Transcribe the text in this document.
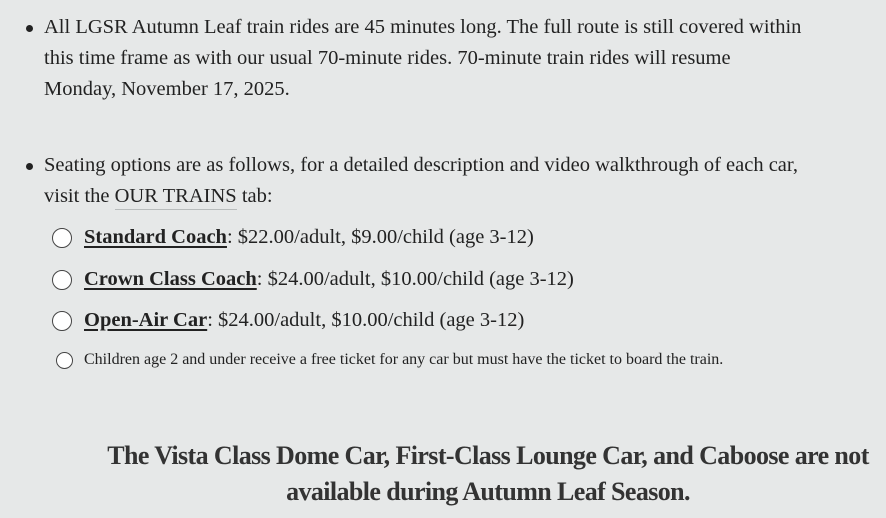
All LGSR Autumn Leaf train rides are 45 minutes long. The full route is still covered within
this time frame as with our usual 70-minute rides. 70-minute train rides will resume
Monday, November 17, 2025.
Seating options are as follows, for a detailed description and video walkthrough of each car,
visit the OUR TRAINS tab:
Standard Coach: $22.00/adult, $9.00/child (age 3-12)
Crown Class Coach: $24.00/adult, $10.00/child (age 3-12)
Open-Air Car: $24.00/adult, $10.00/child (age 3-12)
Children age 2 and under receive a free ticket for any car but must have the ticket to board the train.
The Vista Class Dome Car, First-Class Lounge Car, and Caboose are not
available during Autumn Leaf Season.
